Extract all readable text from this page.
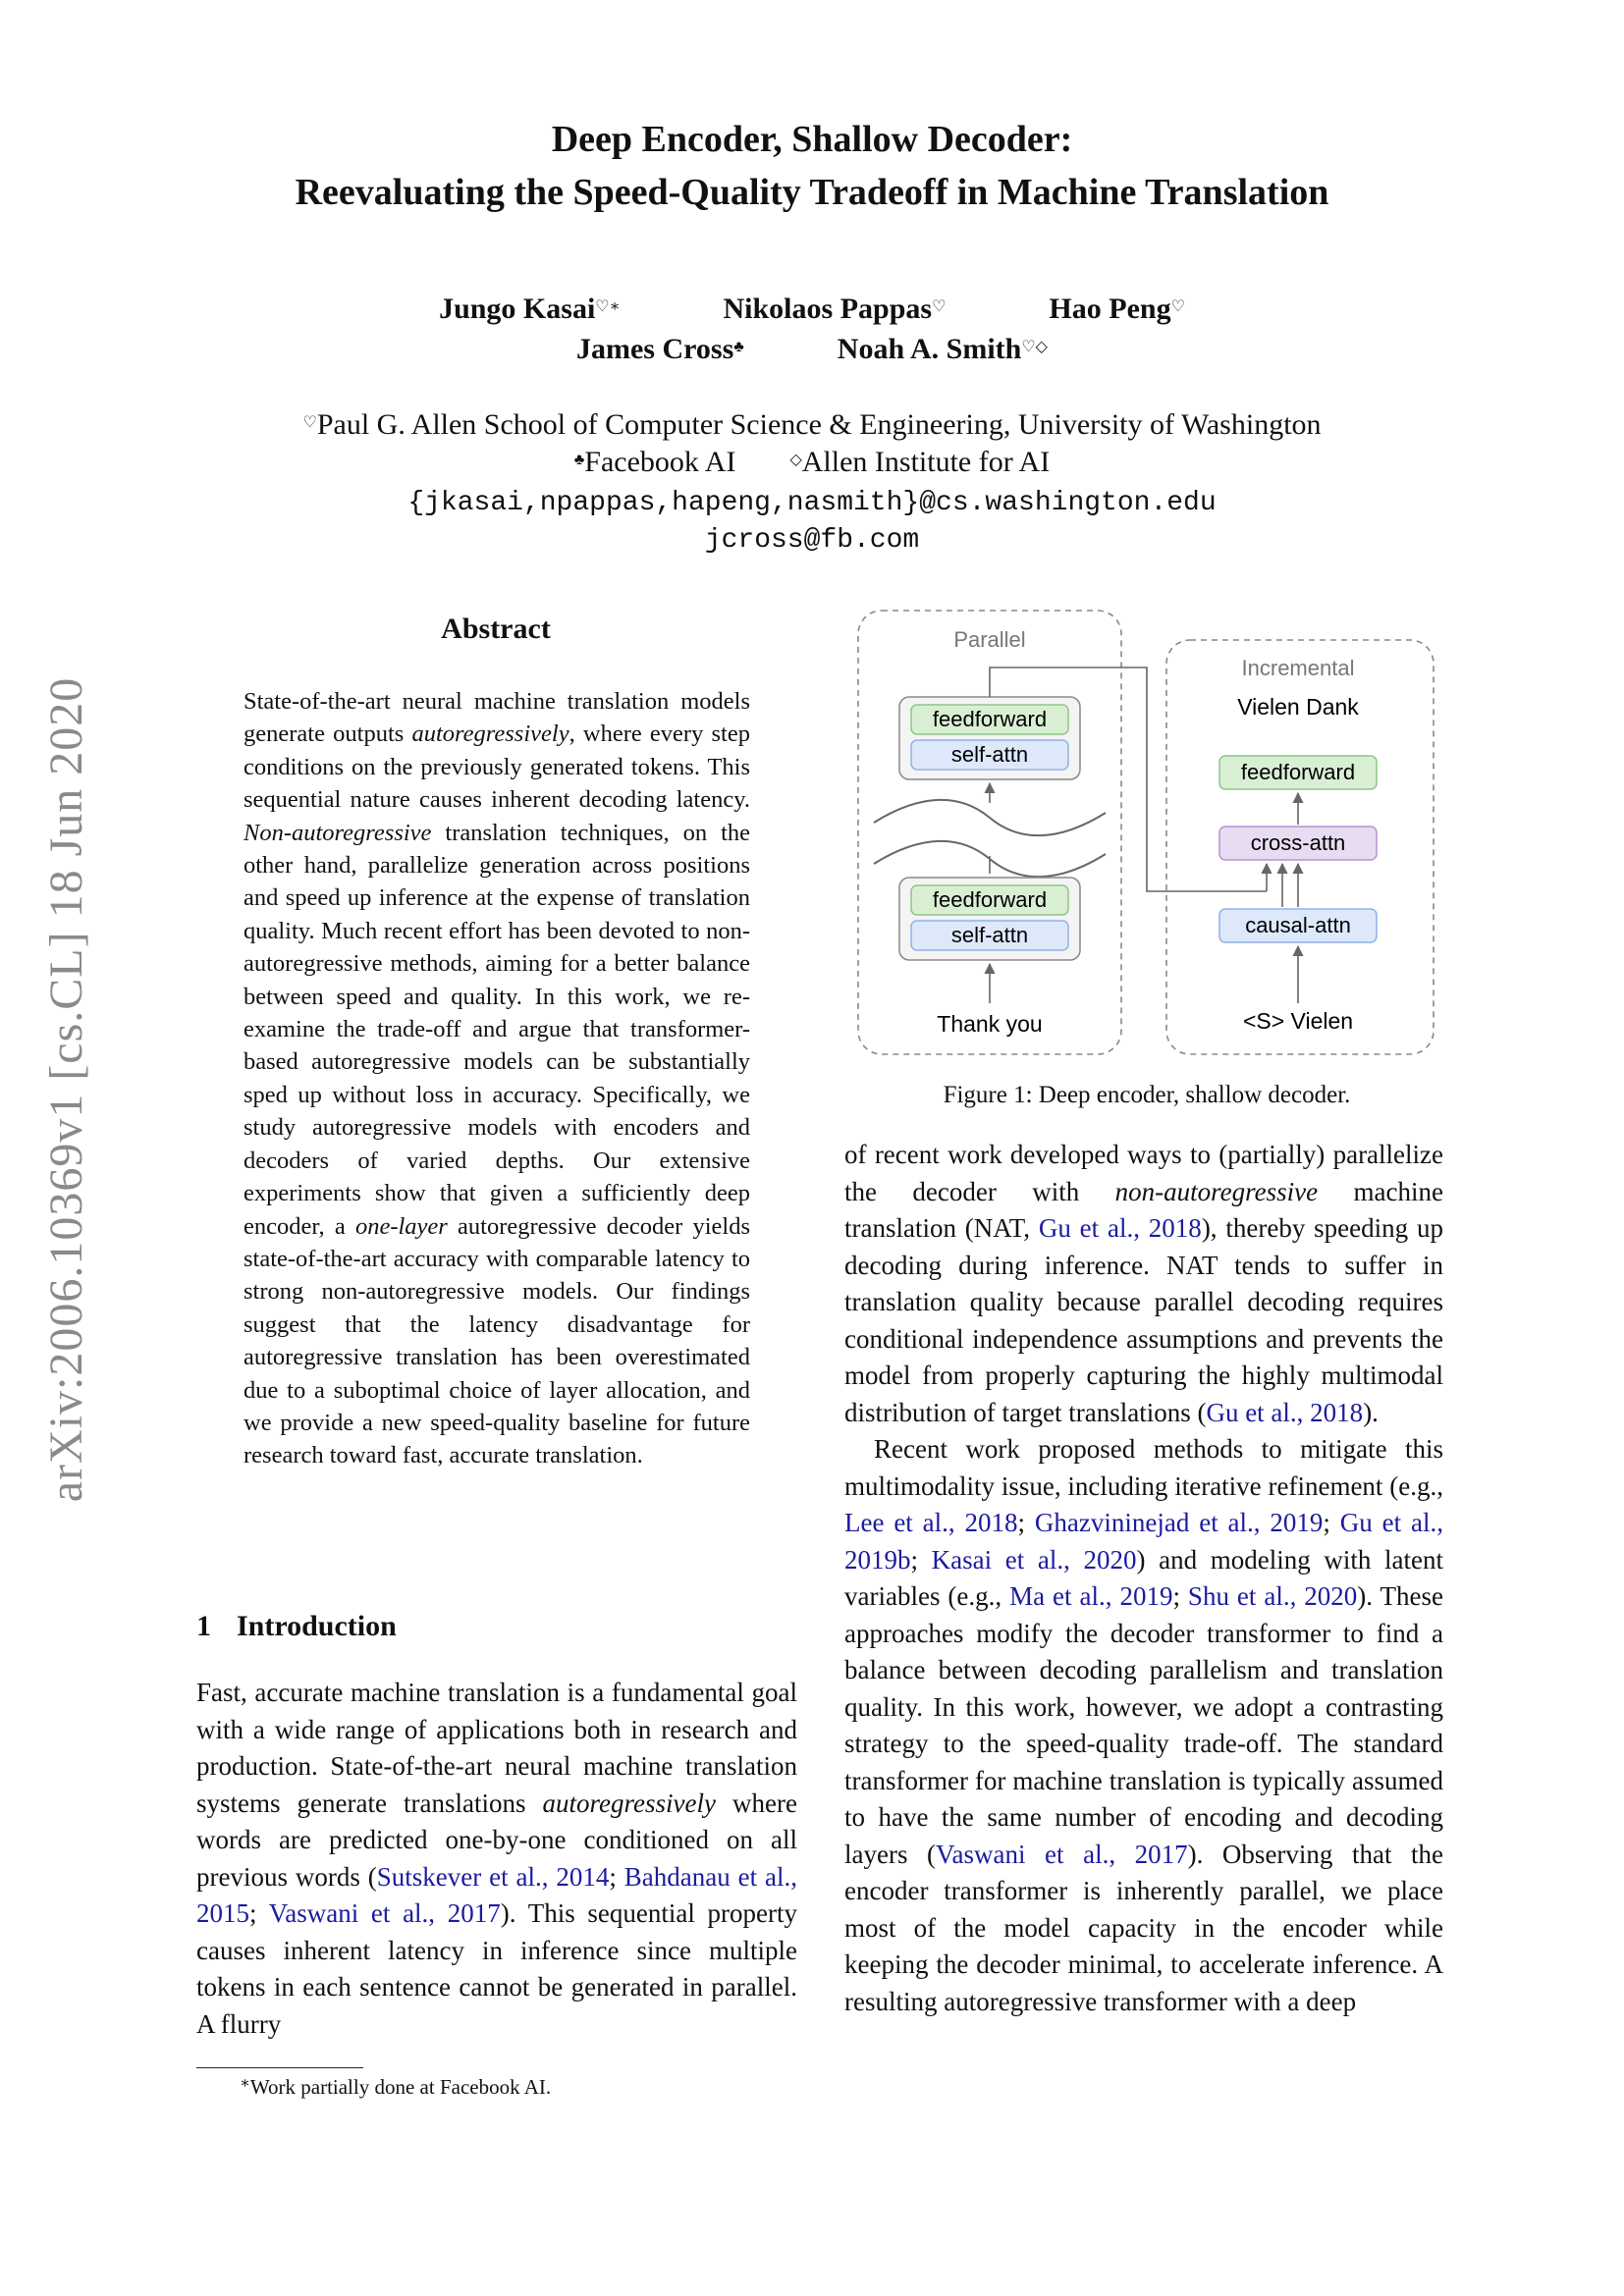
arXiv:2006.10369v1 [cs.CL] 18 Jun 2020
Deep Encoder, Shallow Decoder:
Reevaluating the Speed-Quality Tradeoff in Machine Translation
Jungo Kasai♡∗	Nikolaos Pappas♡	Hao Peng♡
James Cross♣	Noah A. Smith♡◇
♡Paul G. Allen School of Computer Science & Engineering, University of Washington
♣Facebook AI	◇Allen Institute for AI
{jkasai,npappas,hapeng,nasmith}@cs.washington.edu
jcross@fb.com
Abstract
State-of-the-art neural machine translation models generate outputs autoregressively, where every step conditions on the previously generated tokens. This sequential nature causes inherent decoding latency. Non-autoregressive translation techniques, on the other hand, parallelize generation across positions and speed up inference at the expense of translation quality. Much recent effort has been devoted to non-autoregressive methods, aiming for a better balance between speed and quality. In this work, we re-examine the trade-off and argue that transformer-based autoregressive models can be substantially sped up without loss in accuracy. Specifically, we study autoregressive models with encoders and decoders of varied depths. Our extensive experiments show that given a sufficiently deep encoder, a one-layer autoregressive decoder yields state-of-the-art accuracy with comparable latency to strong non-autoregressive models. Our findings suggest that the latency disadvantage for autoregressive translation has been overestimated due to a suboptimal choice of layer allocation, and we provide a new speed-quality baseline for future research toward fast, accurate translation.
1 Introduction

Fast, accurate machine translation is a fundamental goal with a wide range of applications both in research and production. State-of-the-art neural machine translation systems generate translations autoregressively where words are predicted one-by-one conditioned on all previous words (Sutskever et al., 2014; Bahdanau et al., 2015; Vaswani et al., 2017). This sequential property causes inherent latency in inference since multiple tokens in each sentence cannot be generated in parallel. A flurry

∗Work partially done at Facebook AI.
Parallel
Incremental
feedforward
self-attn
feedforward
self-attn
Thank you
Vielen Dank
feedforward
cross-attn
causal-attn
<S> Vielen
Figure 1: Deep encoder, shallow decoder.

of recent work developed ways to (partially) parallelize the decoder with non-autoregressive machine translation (NAT, Gu et al., 2018), thereby speeding up decoding during inference. NAT tends to suffer in translation quality because parallel decoding requires conditional independence assumptions and prevents the model from properly capturing the highly multimodal distribution of target translations (Gu et al., 2018).

Recent work proposed methods to mitigate this multimodality issue, including iterative refinement (e.g., Lee et al., 2018; Ghazvininejad et al., 2019; Gu et al., 2019b; Kasai et al., 2020) and modeling with latent variables (e.g., Ma et al., 2019; Shu et al., 2020). These approaches modify the decoder transformer to find a balance between decoding parallelism and translation quality. In this work, however, we adopt a contrasting strategy to the speed-quality trade-off. The standard transformer for machine translation is typically assumed to have the same number of encoding and decoding layers (Vaswani et al., 2017). Observing that the encoder transformer is inherently parallel, we place most of the model capacity in the encoder while keeping the decoder minimal, to accelerate inference. A resulting autoregressive transformer with a deep
